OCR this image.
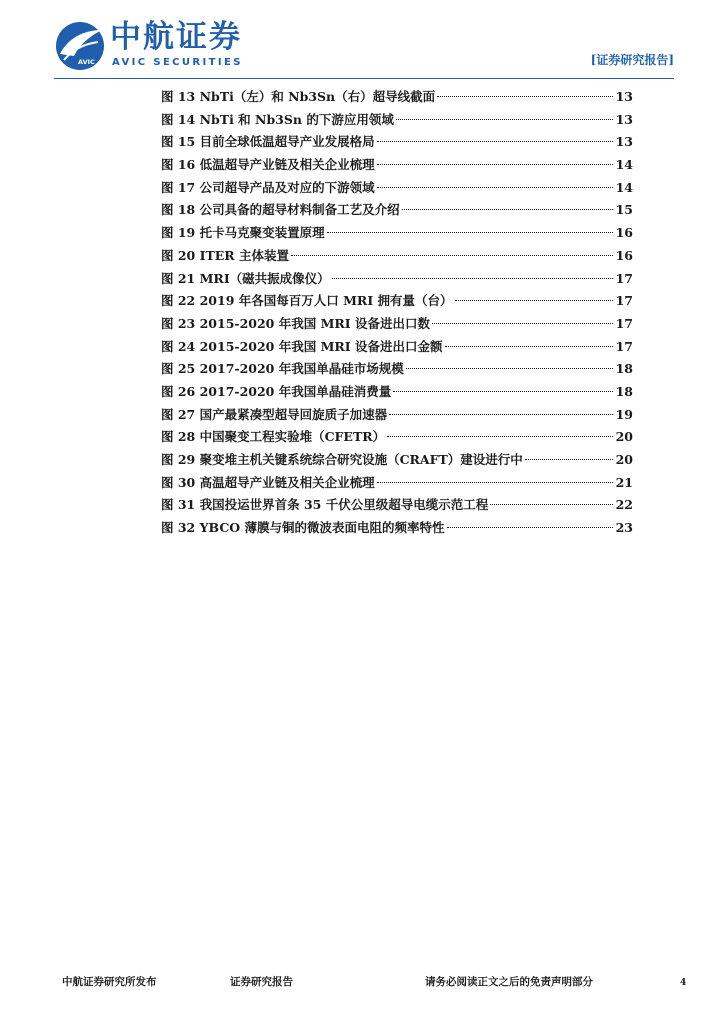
AVIC
中航证券
AVIC SECURITIES	[证券研究报告]
图 13 NbTi（左）和 Nb3Sn（右）超导线截面	13
图 14 NbTi 和 Nb3Sn 的下游应用领域	13
图 15 目前全球低温超导产业发展格局	13
图 16 低温超导产业链及相关企业梳理	14
图 17 公司超导产品及对应的下游领域	14
图 18 公司具备的超导材料制备工艺及介绍	15
图 19 托卡马克聚变装置原理	16
图 20 ITER 主体装置	16
图 21 MRI（磁共振成像仪）	17
图 22 2019 年各国每百万人口 MRI 拥有量（台）	17
图 23 2015-2020 年我国 MRI 设备进出口数	17
图 24 2015-2020 年我国 MRI 设备进出口金额	17
图 25 2017-2020 年我国单晶硅市场规模	18
图 26 2017-2020 年我国单晶硅消费量	18
图 27 国产最紧凑型超导回旋质子加速器	19
图 28 中国聚变工程实验堆（CFETR）	20
图 29 聚变堆主机关键系统综合研究设施（CRAFT）建设进行中	20
图 30 高温超导产业链及相关企业梳理	21
图 31 我国投运世界首条 35 千伏公里级超导电缆示范工程	22
图 32 YBCO 薄膜与铜的微波表面电阻的频率特性	23
中航证券研究所发布	证券研究报告	请务必阅读正文之后的免责声明部分	4
